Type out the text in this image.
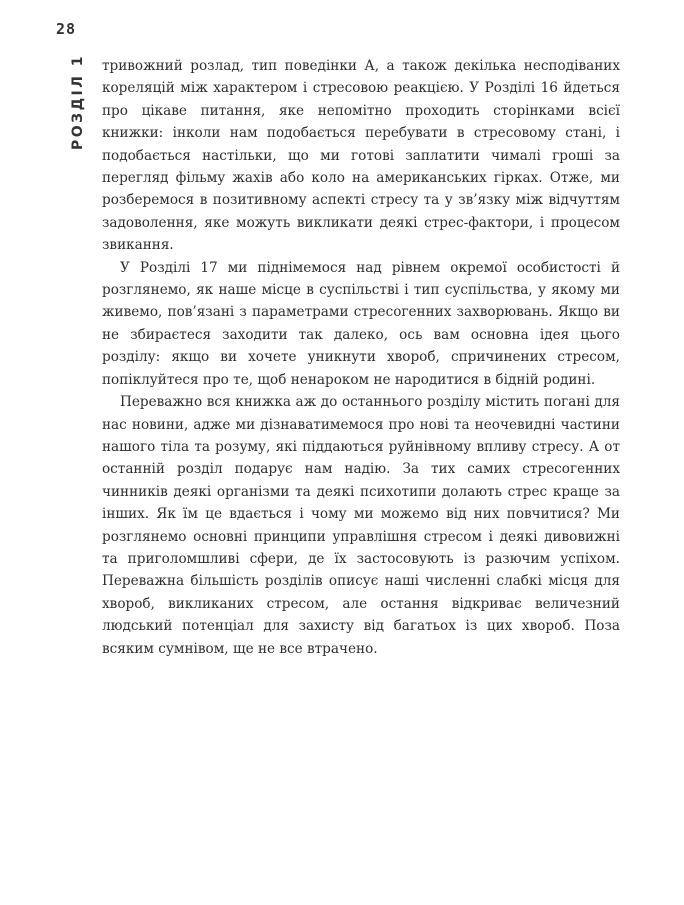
28
РОЗДІЛ 1 тривожний розлад, тип поведінки А, а також декілька несподіваних кореляцій між характером і стресовою реакцією. У Розділі 16 йдеться про цікаве питання, яке непомітно проходить сторінками всієї книжки: інколи нам подобається перебувати в стресовому стані, і подобається настільки, що ми готові заплатити чималі гроші за перегляд фільму жахів або коло на американських гірках. Отже, ми розберемося в позитивному аспекті стресу та у зв’язку між відчуттям задоволення, яке можуть викликати деякі стрес-фактори, і процесом звикання.

У Розділі 17 ми піднімемося над рівнем окремої особистості й розглянемо, як наше місце в суспільстві і тип суспільства, у якому ми живемо, пов’язані з параметрами стресогенних захворювань. Якщо ви не збираєтеся заходити так далеко, ось вам основна ідея цього розділу: якщо ви хочете уникнути хвороб, спричинених стресом, попіклуйтеся про те, щоб ненароком не народитися в бідній родині.

Переважно вся книжка аж до останнього розділу містить погані для нас новини, адже ми дізнаватимемося про нові та неочевидні частини нашого тіла та розуму, які піддаються руйнівному впливу стресу. А от останній розділ подарує нам надію. За тих самих стресогенних чинників деякі організми та деякі психотипи долають стрес краще за інших. Як їм це вдається і чому ми можемо від них повчитися? Ми розглянемо основні принципи управлішня стресом і деякі дивовижні та приголомшливі сфери, де їх застосовують із разючим успіхом. Переважна більшість розділів описує наші численні слабкі місця для хвороб, викликаних стресом, але остання відкриває величезний людський потенціал для захисту від багатьох із цих хвороб. Поза всяким сумнівом, ще не все втрачено.
